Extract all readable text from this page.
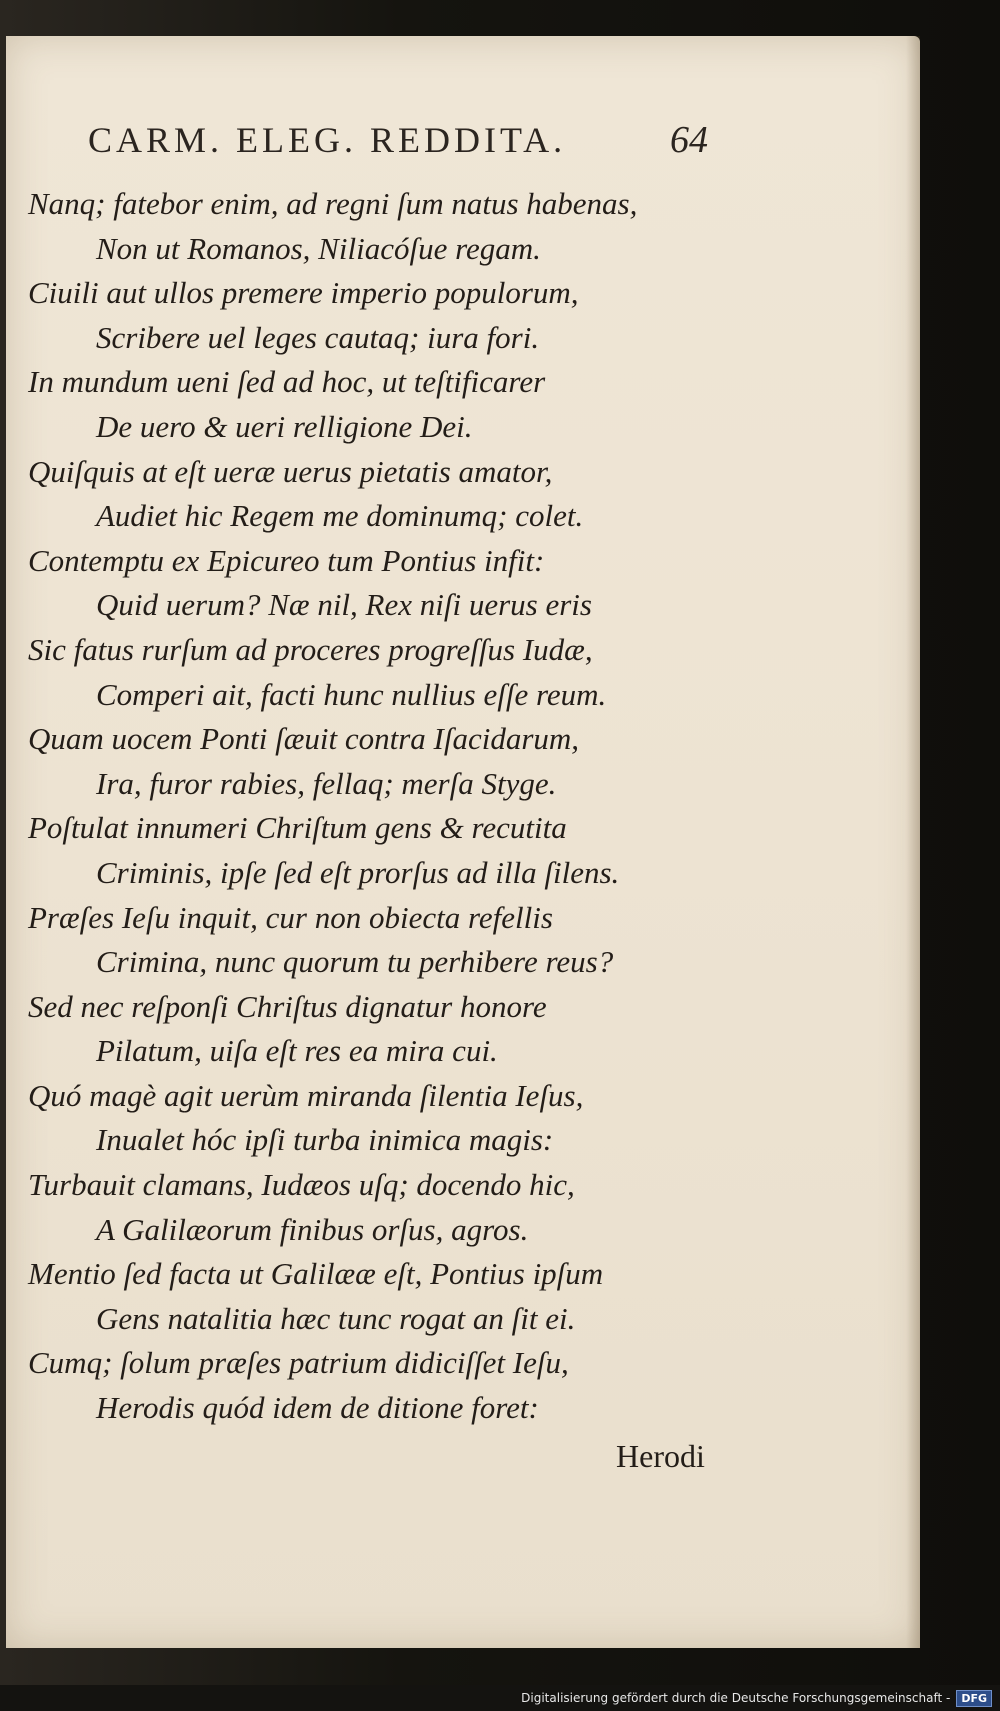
CARM. ELEG. REDDITA.	64
Nanq; fatebor enim, ad regni ſum natus habenas,
Non ut Romanos, Niliacóſue regam.
Ciuili aut ullos premere imperio populorum,
Scribere uel leges cautaq; iura fori.
In mundum ueni ſed ad hoc, ut teſtificarer
De uero & ueri relligione Dei.
Quiſquis at eſt ueræ uerus pietatis amator,
Audiet hic Regem me dominumq; colet.
Contemptu ex Epicureo tum Pontius infit:
Quid uerum? Næ nil, Rex niſi uerus eris
Sic fatus rurſum ad proceres progreſſus Iudæ,
Comperi ait, facti hunc nullius eſſe reum.
Quam uocem Ponti ſæuit contra Iſacidarum,
Ira, furor rabies, fellaq; merſa Styge.
Poſtulat innumeri Chriſtum gens & recutita
Criminis, ipſe ſed eſt prorſus ad illa ſilens.
Præſes Ieſu inquit, cur non obiecta refellis
Crimina, nunc quorum tu perhibere reus?
Sed nec reſponſi Chriſtus dignatur honore
Pilatum, uiſa eſt res ea mira cui.
Quó magè agit uerùm miranda ſilentia Ieſus,
Inualet hóc ipſi turba inimica magis:
Turbauit clamans, Iudæos uſq; docendo hic,
A Galilæorum finibus orſus, agros.
Mentio ſed facta ut Galilææ eſt, Pontius ipſum
Gens natalitia hæc tunc rogat an ſit ei.
Cumq; ſolum præſes patrium didiciſſet Ieſu,
Herodis quód idem de ditione foret:
Herodi
Digitalisierung gefördert durch die Deutsche Forschungsgemeinschaft -	DFG
